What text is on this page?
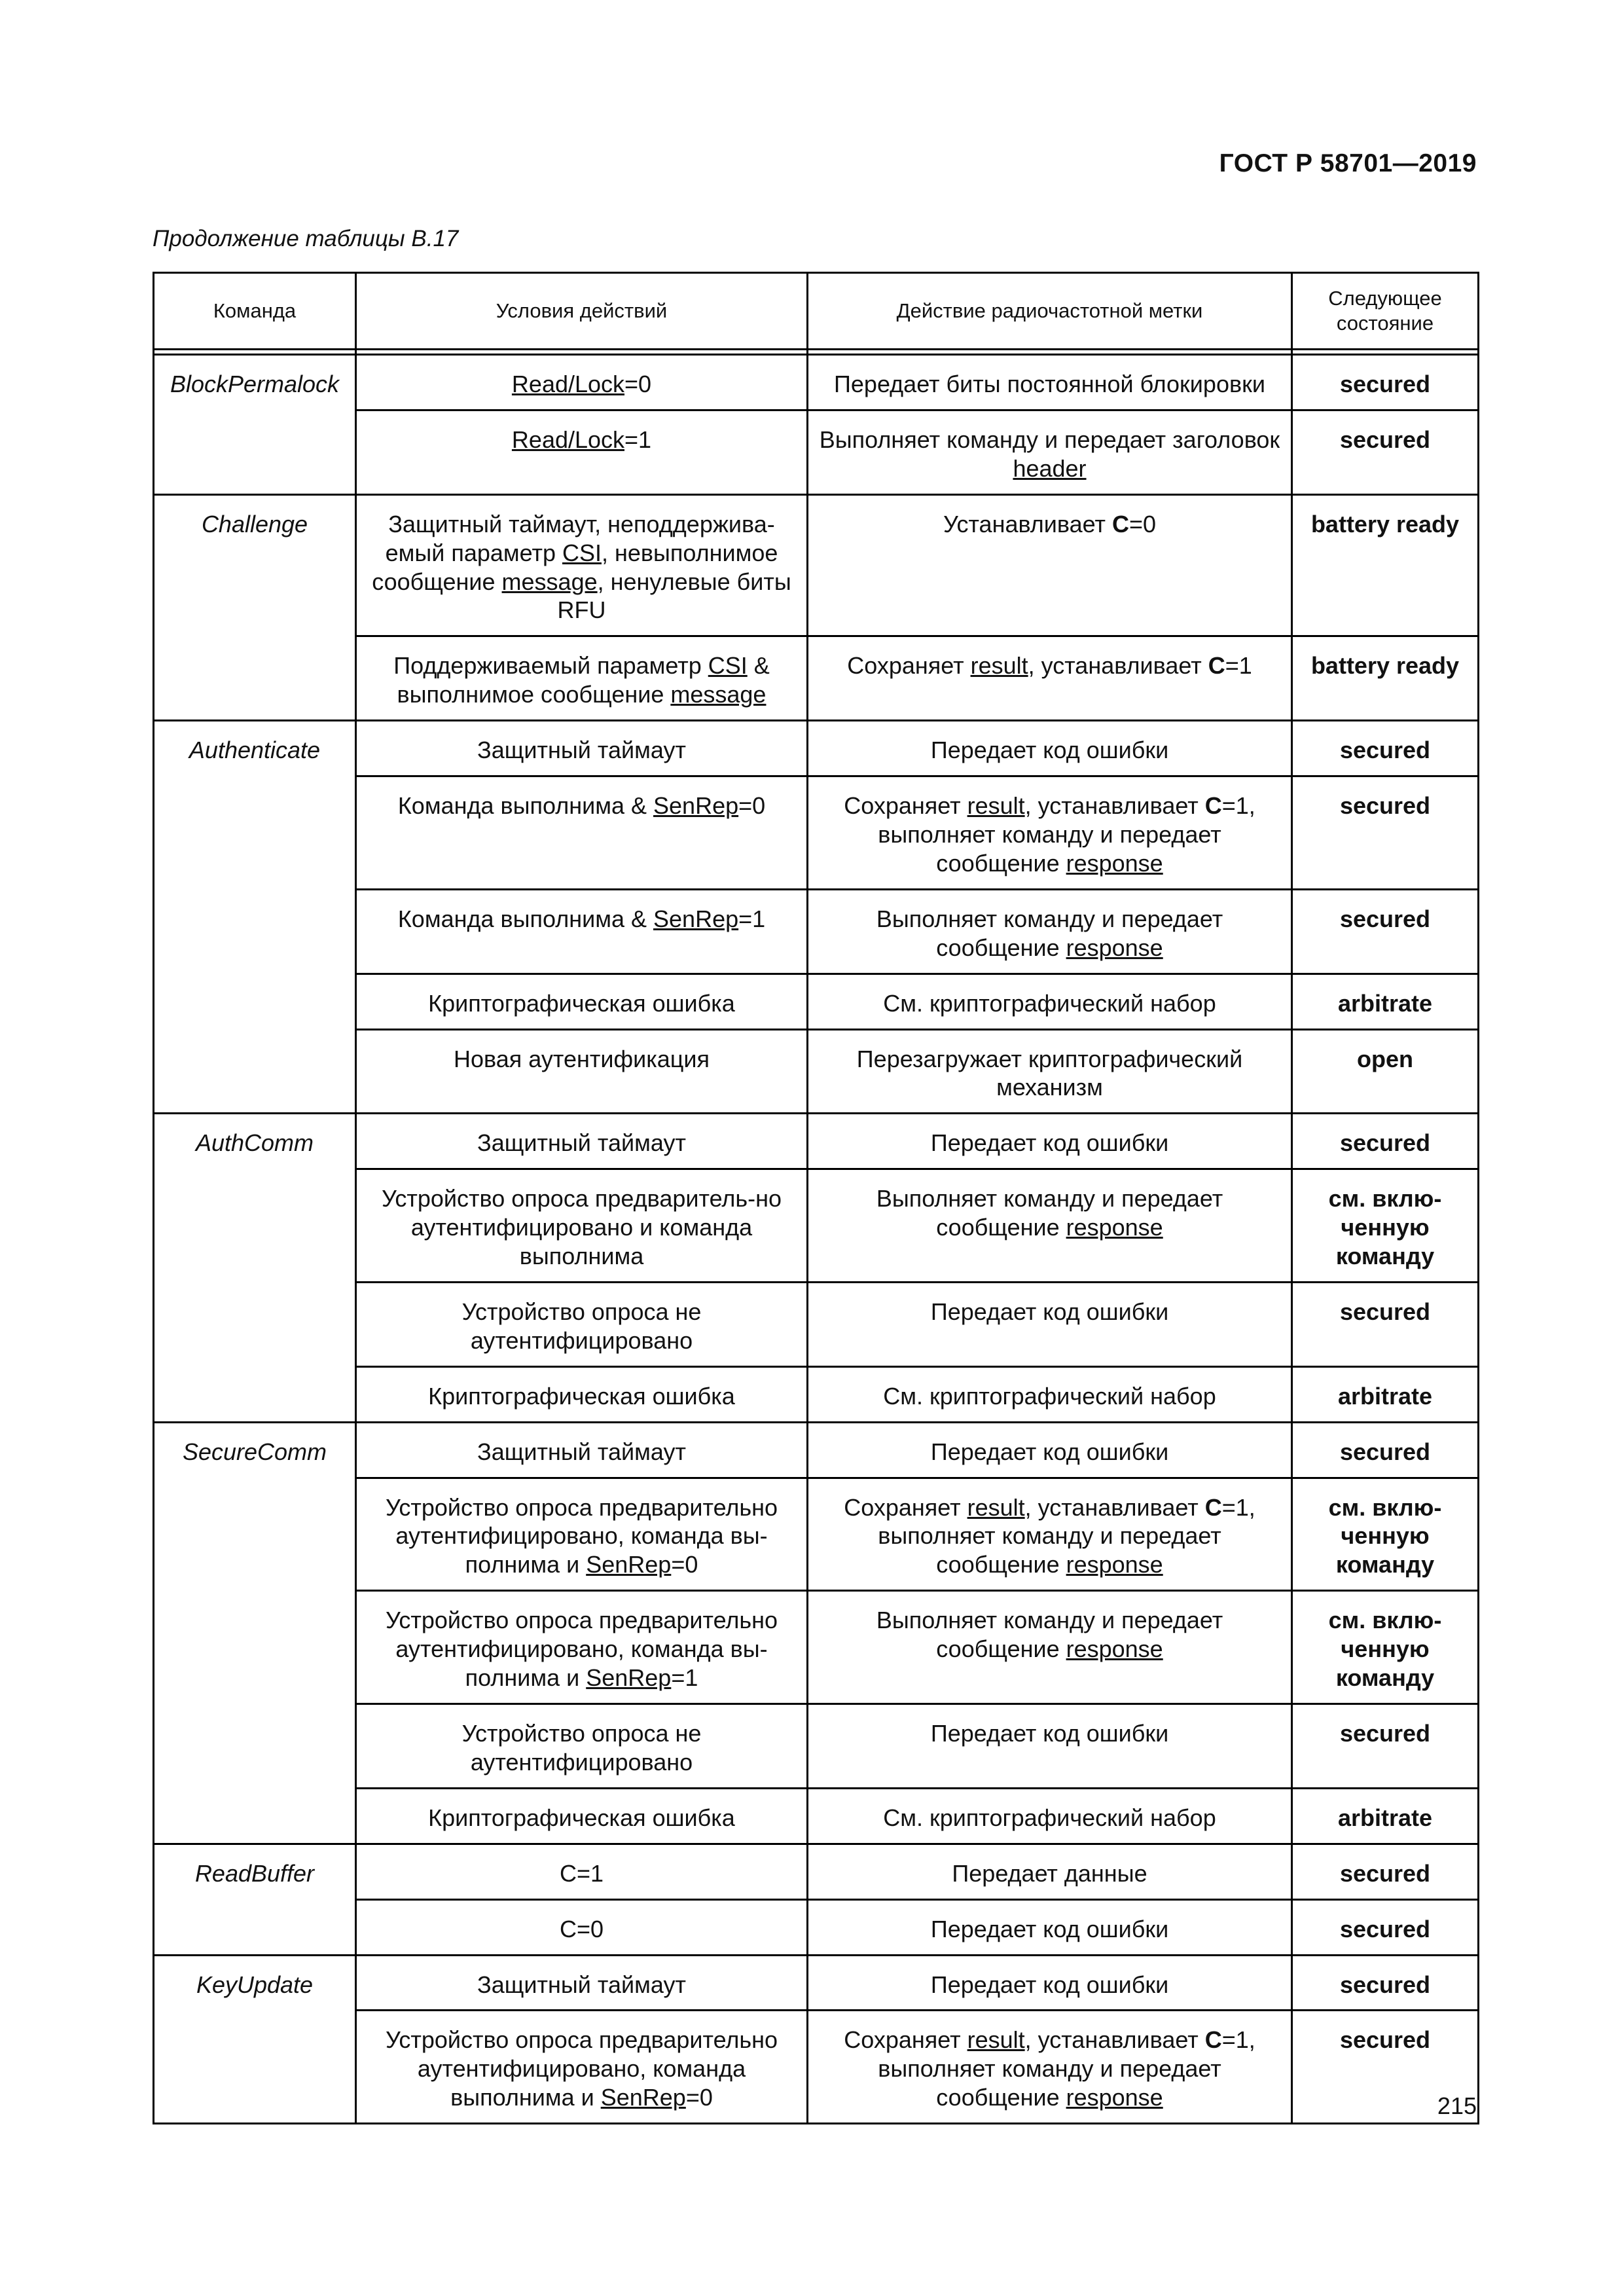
ГОСТ Р 58701—2019
Продолжение таблицы В.17
Команда	Условия действий	Действие радиочастотной метки	Следующее состояние

BlockPermalock	Read/Lock=0	Передает биты постоянной блокировки	secured
	Read/Lock=1	Выполняет команду и передает заголовок header	secured
Challenge	Защитный таймаут, неподдержива-емый параметр CSI, невыполнимое сообщение message, ненулевые биты RFU	Устанавливает C=0	battery ready
	Поддерживаемый параметр CSI & выполнимое сообщение message	Сохраняет result, устанавливает C=1	battery ready
Authenticate	Защитный таймаут	Передает код ошибки	secured
	Команда выполнима & SenRep=0	Сохраняет result, устанавливает C=1, выполняет команду и передает сообщение response	secured
	Команда выполнима & SenRep=1	Выполняет команду и передает сообщение response	secured
	Криптографическая ошибка	См. криптографический набор	arbitrate
	Новая аутентификация	Перезагружает криптографический механизм	open
AuthComm	Защитный таймаут	Передает код ошибки	secured
	Устройство опроса предваритель-но аутентифицировано и команда выполнима	Выполняет команду и передает сообщение response	см. вклю-ченную команду
	Устройство опроса не аутентифицировано	Передает код ошибки	secured
	Криптографическая ошибка	См. криптографический набор	arbitrate
SecureComm	Защитный таймаут	Передает код ошибки	secured
	Устройство опроса предварительно аутентифицировано, команда вы-полнима и SenRep=0	Сохраняет result, устанавливает C=1, выполняет команду и передает сообщение response	см. вклю-ченную команду
	Устройство опроса предварительно аутентифицировано, команда вы-полнима и SenRep=1	Выполняет команду и передает сообщение response	см. вклю-ченную команду
	Устройство опроса не аутентифицировано	Передает код ошибки	secured
	Криптографическая ошибка	См. криптографический набор	arbitrate
ReadBuffer	C=1	Передает данные	secured
	C=0	Передает код ошибки	secured
KeyUpdate	Защитный таймаут	Передает код ошибки	secured
	Устройство опроса предварительно аутентифицировано, команда выполнима и SenRep=0	Сохраняет result, устанавливает C=1, выполняет команду и передает сообщение response	secured
215
